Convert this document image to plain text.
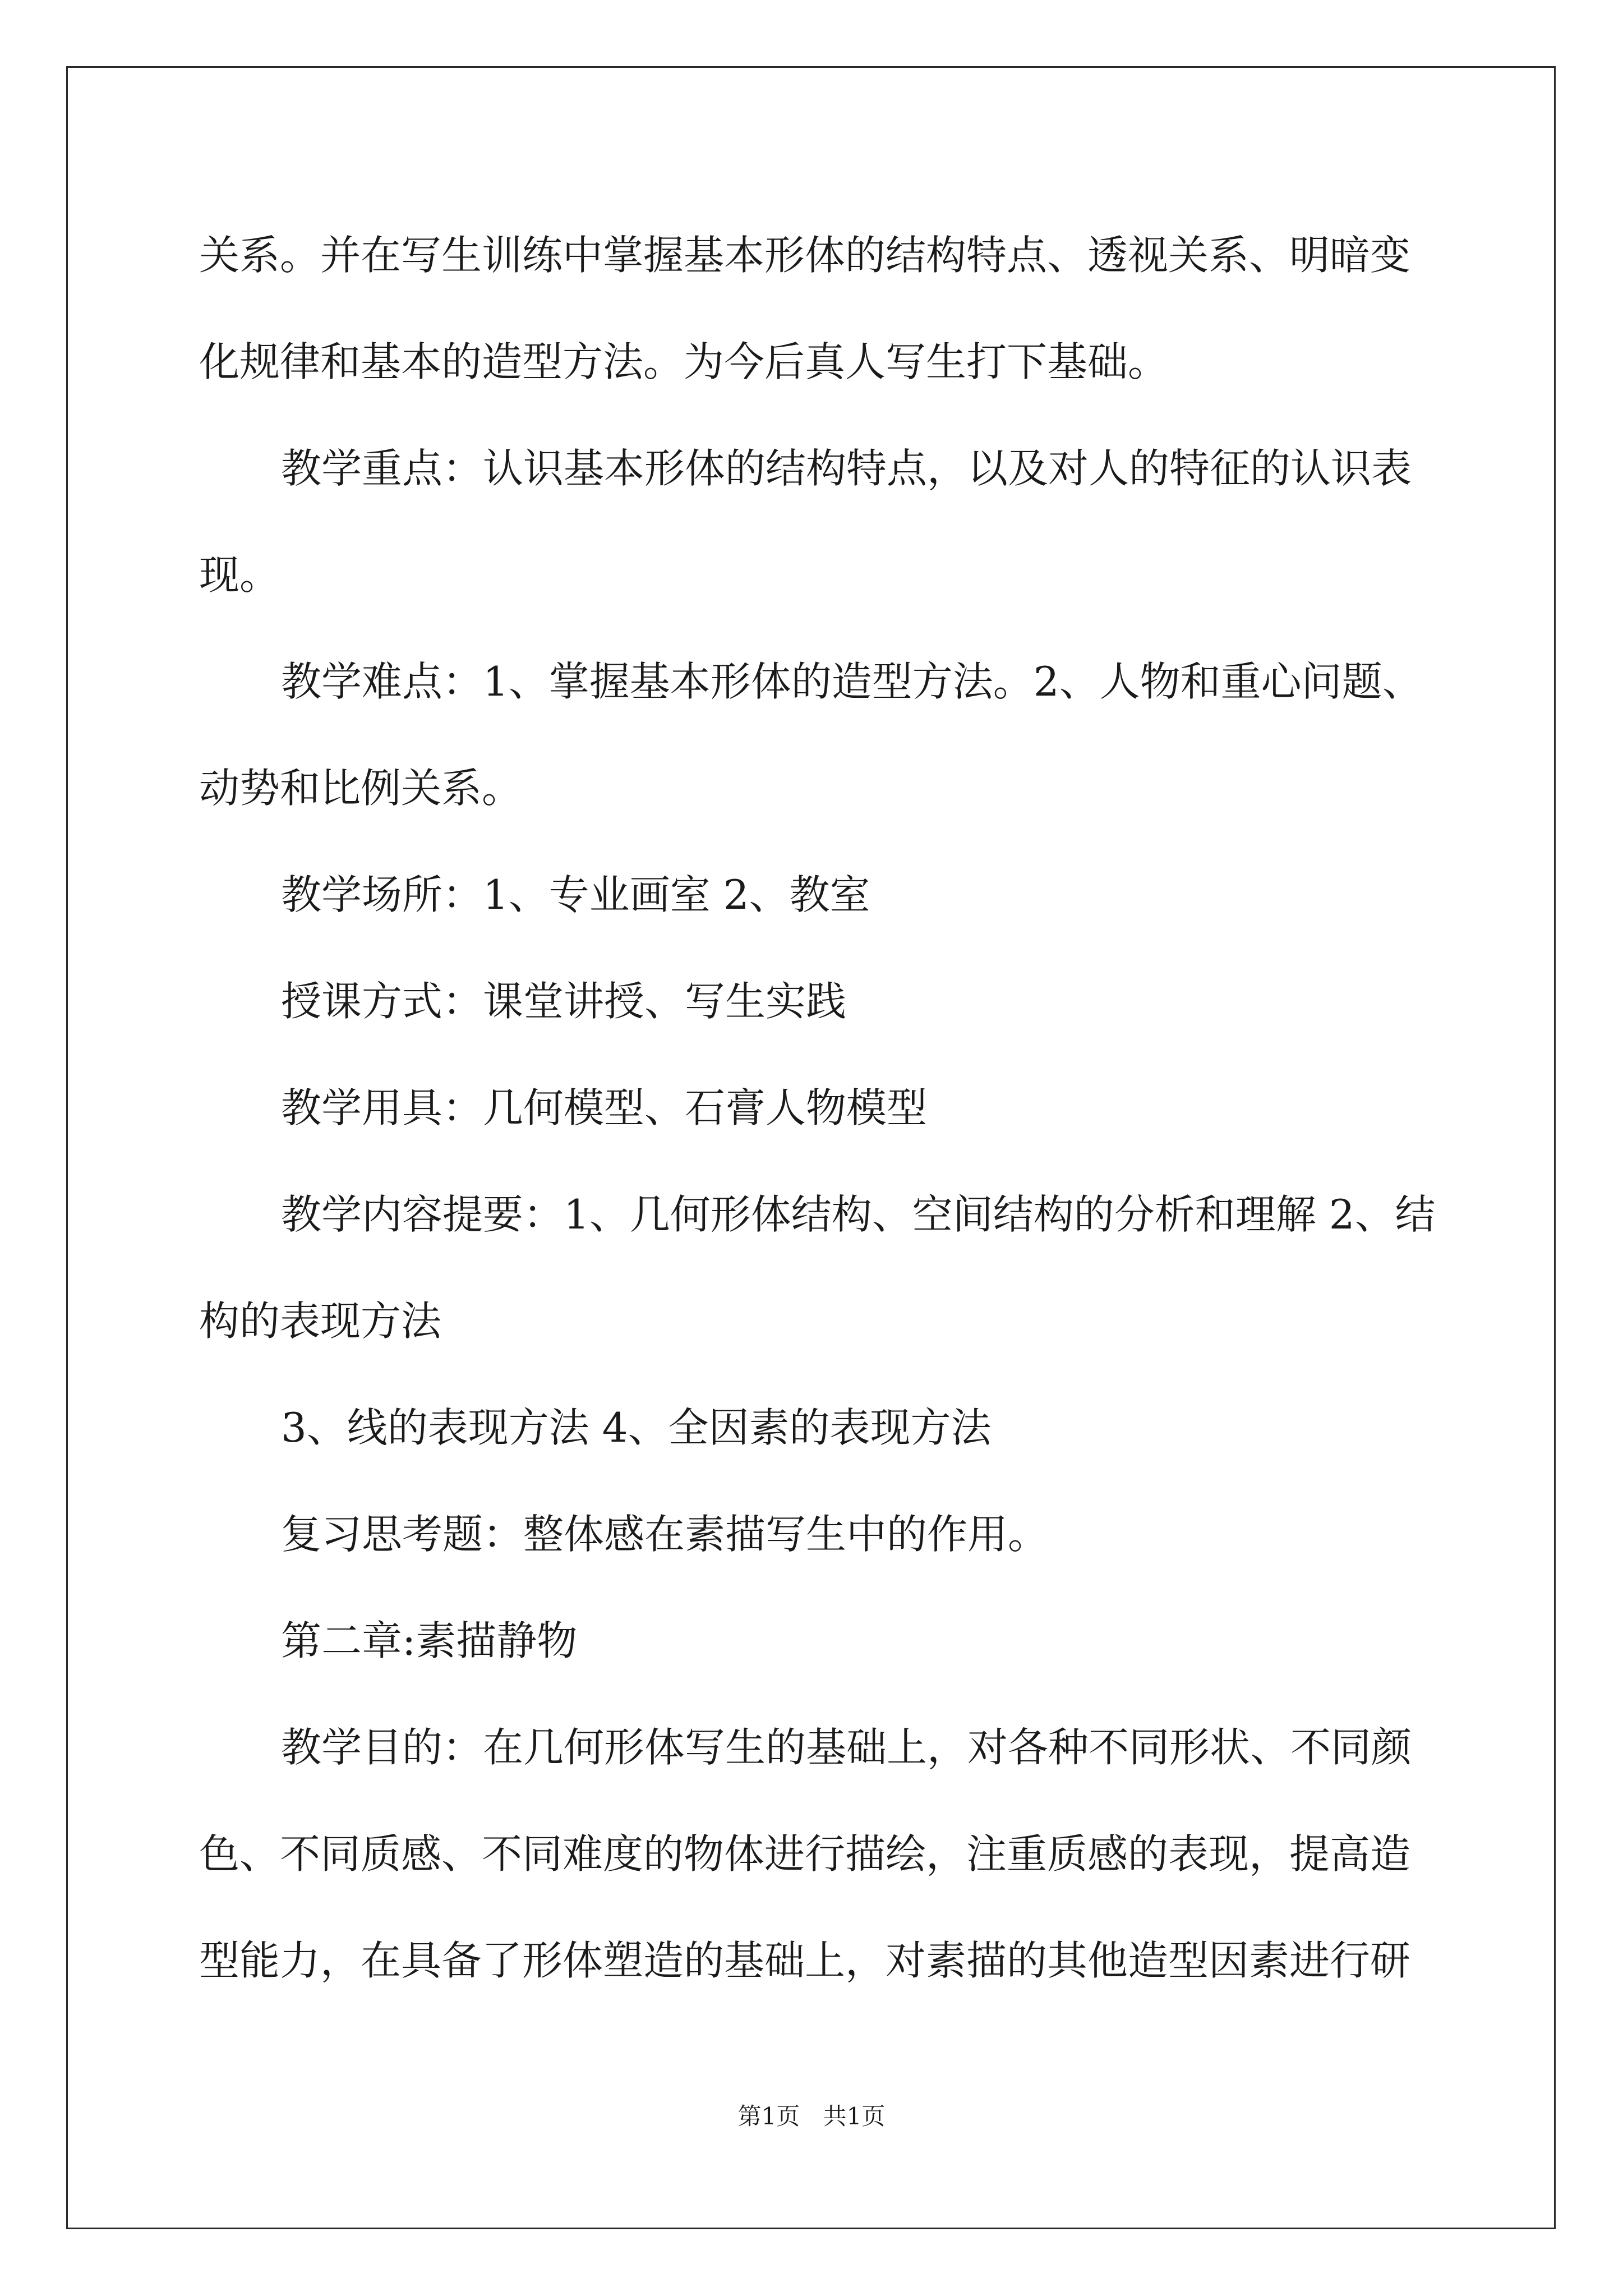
关系。并在写生训练中掌握基本形体的结构特点、透视关系、明暗变
化规律和基本的造型方法。为今后真人写生打下基础。
教学重点：认识基本形体的结构特点，以及对人的特征的认识表
现。
教学难点：1、掌握基本形体的造型方法。2、人物和重心问题、
动势和比例关系。
教学场所：1、专业画室 2、教室
授课方式：课堂讲授、写生实践
教学用具：几何模型、石膏人物模型
教学内容提要：1、几何形体结构、空间结构的分析和理解 2、结
构的表现方法
3、线的表现方法 4、全因素的表现方法
复习思考题：整体感在素描写生中的作用。
第二章:素描静物
教学目的：在几何形体写生的基础上，对各种不同形状、不同颜
色、不同质感、不同难度的物体进行描绘，注重质感的表现，提高造
型能力，在具备了形体塑造的基础上，对素描的其他造型因素进行研
第1页 共1页
